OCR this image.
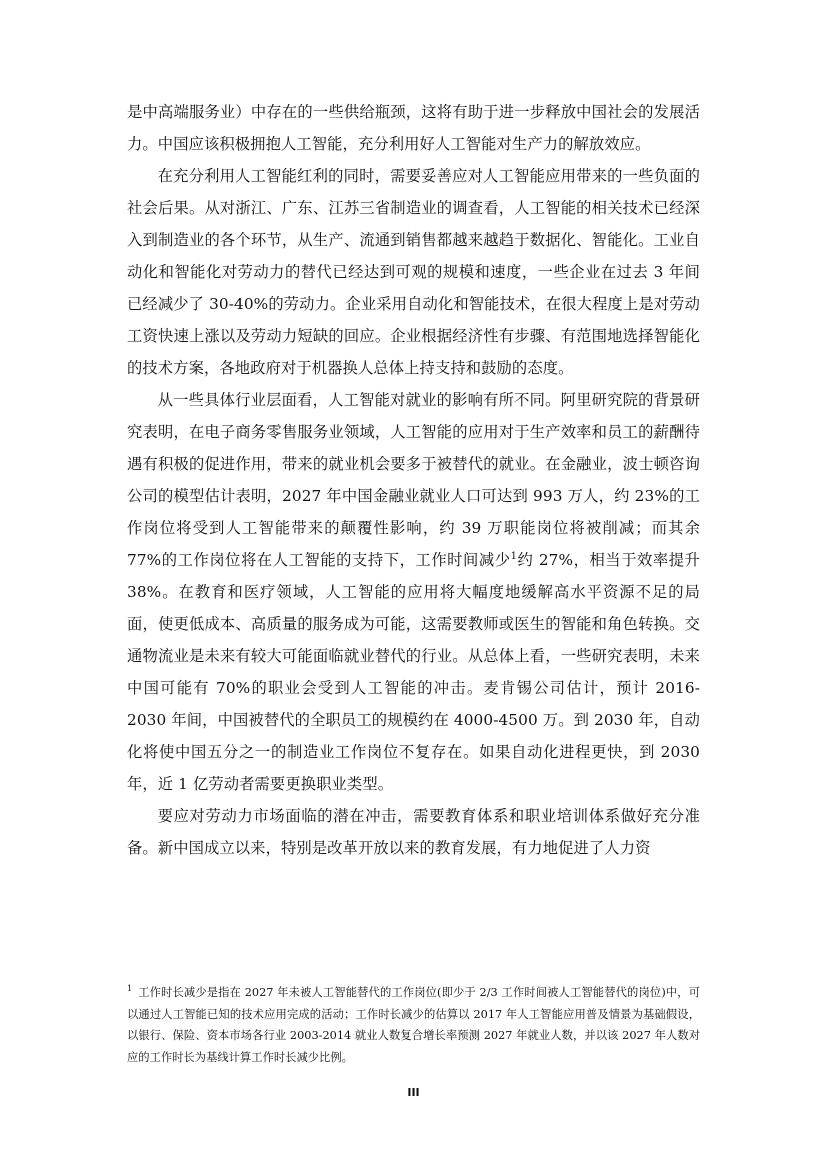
是中高端服务业）中存在的一些供给瓶颈，这将有助于进一步释放中国社会的发展活力。中国应该积极拥抱人工智能，充分利用好人工智能对生产力的解放效应。

在充分利用人工智能红利的同时，需要妥善应对人工智能应用带来的一些负面的社会后果。从对浙江、广东、江苏三省制造业的调查看，人工智能的相关技术已经深入到制造业的各个环节，从生产、流通到销售都越来越趋于数据化、智能化。工业自动化和智能化对劳动力的替代已经达到可观的规模和速度，一些企业在过去 3 年间已经减少了 30-40%的劳动力。企业采用自动化和智能技术，在很大程度上是对劳动工资快速上涨以及劳动力短缺的回应。企业根据经济性有步骤、有范围地选择智能化的技术方案，各地政府对于机器换人总体上持支持和鼓励的态度。

从一些具体行业层面看，人工智能对就业的影响有所不同。阿里研究院的背景研究表明，在电子商务零售服务业领域，人工智能的应用对于生产效率和员工的薪酬待遇有积极的促进作用，带来的就业机会要多于被替代的就业。在金融业，波士顿咨询公司的模型估计表明，2027 年中国金融业就业人口可达到 993 万人，约 23%的工作岗位将受到人工智能带来的颠覆性影响，约 39 万职能岗位将被削减；而其余 77%的工作岗位将在人工智能的支持下，工作时间减少$^1$约 27%，相当于效率提升 38%。在教育和医疗领域，人工智能的应用将大幅度地缓解高水平资源不足的局面，使更低成本、高质量的服务成为可能，这需要教师或医生的智能和角色转换。交通物流业是未来有较大可能面临就业替代的行业。从总体上看，一些研究表明，未来中国可能有 70%的职业会受到人工智能的冲击。麦肯锡公司估计，预计 2016-2030 年间，中国被替代的全职员工的规模约在 4000-4500 万。到 2030 年，自动化将使中国五分之一的制造业工作岗位不复存在。如果自动化进程更快，到 2030 年，近 1 亿劳动者需要更换职业类型。

要应对劳动力市场面临的潜在冲击，需要教育体系和职业培训体系做好充分准备。新中国成立以来，特别是改革开放以来的教育发展，有力地促进了人力资

$^1$ 工作时长减少是指在 2027 年未被人工智能替代的工作岗位(即少于 2/3 工作时间被人工智能替代的岗位)中，可以通过人工智能已知的技术应用完成的活动；工作时长减少的估算以 2017 年人工智能应用普及情景为基础假设，以银行、保险、资本市场各行业 2003-2014 就业人数复合增长率预测 2027 年就业人数，并以该 2027 年人数对应的工作时长为基线计算工作时长减少比例。

III
